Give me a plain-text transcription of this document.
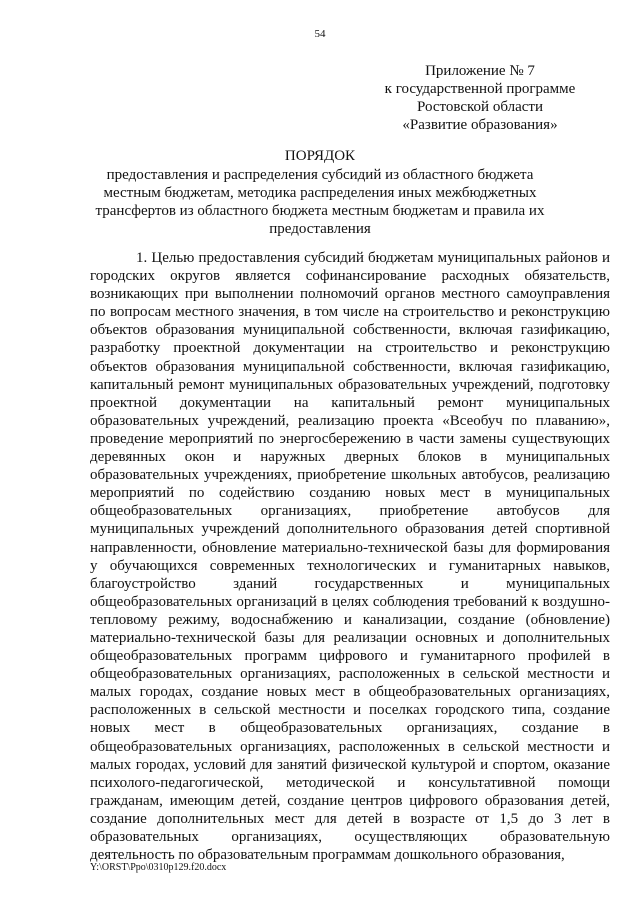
54
Приложение № 7
к государственной программе
Ростовской области
«Развитие образования»
ПОРЯДОК
предоставления и распределения субсидий из областного бюджета местным бюджетам, методика распределения иных межбюджетных трансфертов из областного бюджета местным бюджетам и правила их предоставления

1. Целью предоставления субсидий бюджетам муниципальных районов и городских округов является софинансирование расходных обязательств, возникающих при выполнении полномочий органов местного самоуправления по вопросам местного значения, в том числе на строительство и реконструкцию объектов образования муниципальной собственности, включая газификацию, разработку проектной документации на строительство и реконструкцию объектов образования муниципальной собственности, включая газификацию, капитальный ремонт муниципальных образовательных учреждений, подготовку проектной документации на капитальный ремонт муниципальных образовательных учреждений, реализацию проекта «Всеобуч по плаванию», проведение мероприятий по энергосбережению в части замены существующих деревянных окон и наружных дверных блоков в муниципальных образовательных учреждениях, приобретение школьных автобусов, реализацию мероприятий по содействию созданию новых мест в муниципальных общеобразовательных организациях, приобретение автобусов для муниципальных учреждений дополнительного образования детей спортивной направленности, обновление материально-технической базы для формирования у обучающихся современных технологических и гуманитарных навыков, благоустройство зданий государственных и муниципальных общеобразовательных организаций в целях соблюдения требований к воздушно-тепловому режиму, водоснабжению и канализации, создание (обновление) материально-технической базы для реализации основных и дополнительных общеобразовательных программ цифрового и гуманитарного профилей в общеобразовательных организациях, расположенных в сельской местности и малых городах, создание новых мест в общеобразовательных организациях, расположенных в сельской местности и поселках городского типа, создание новых мест в общеобразовательных организациях, создание в общеобразовательных организациях, расположенных в сельской местности и малых городах, условий для занятий физической культурой и спортом, оказание психолого-педагогической, методической и консультативной помощи гражданам, имеющим детей, создание центров цифрового образования детей, создание дополнительных мест для детей в возрасте от 1,5 до 3 лет в образовательных организациях, осуществляющих образовательную деятельность по образовательным программам дошкольного образования,

Y:\ORST\Ppo\0310p129.f20.docx
